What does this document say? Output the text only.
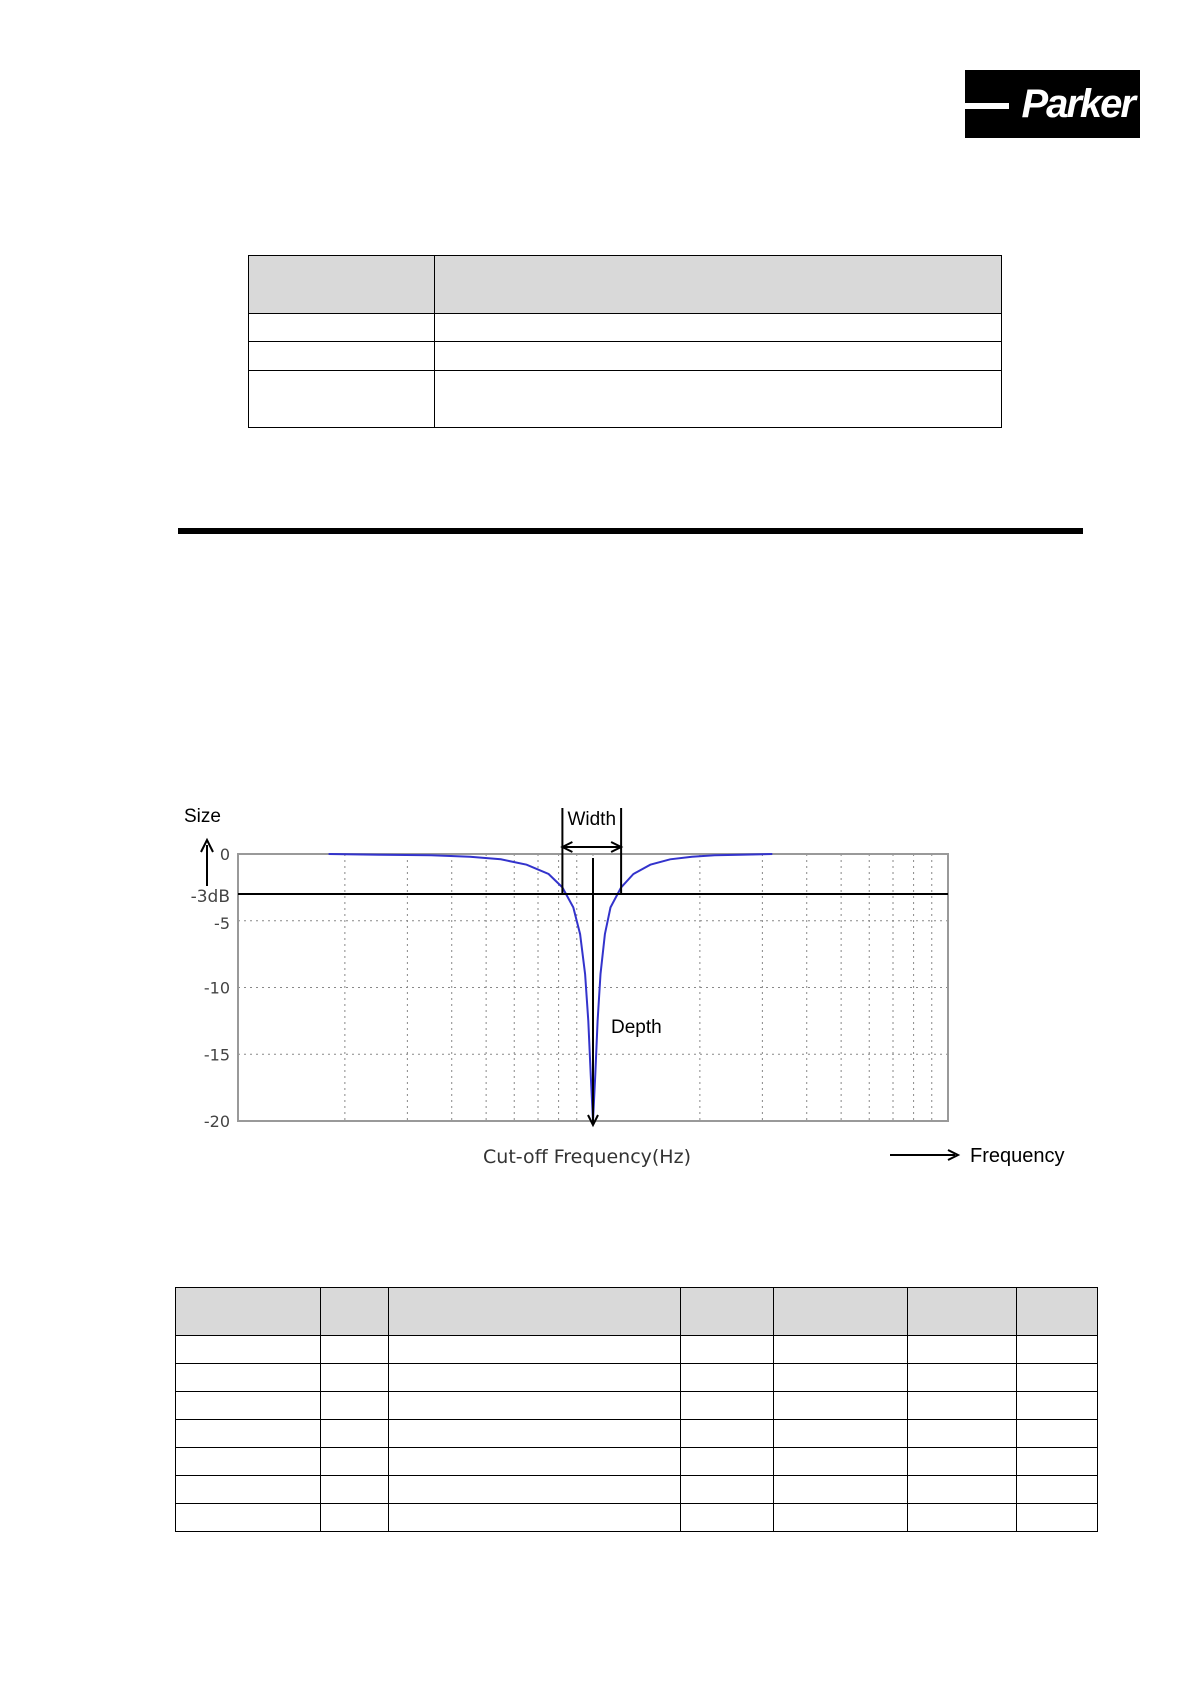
Parker

0
-3dB
-5
-10
-15
-20
Size
Cut-off Frequency(Hz)	Frequency
Width
Depth
